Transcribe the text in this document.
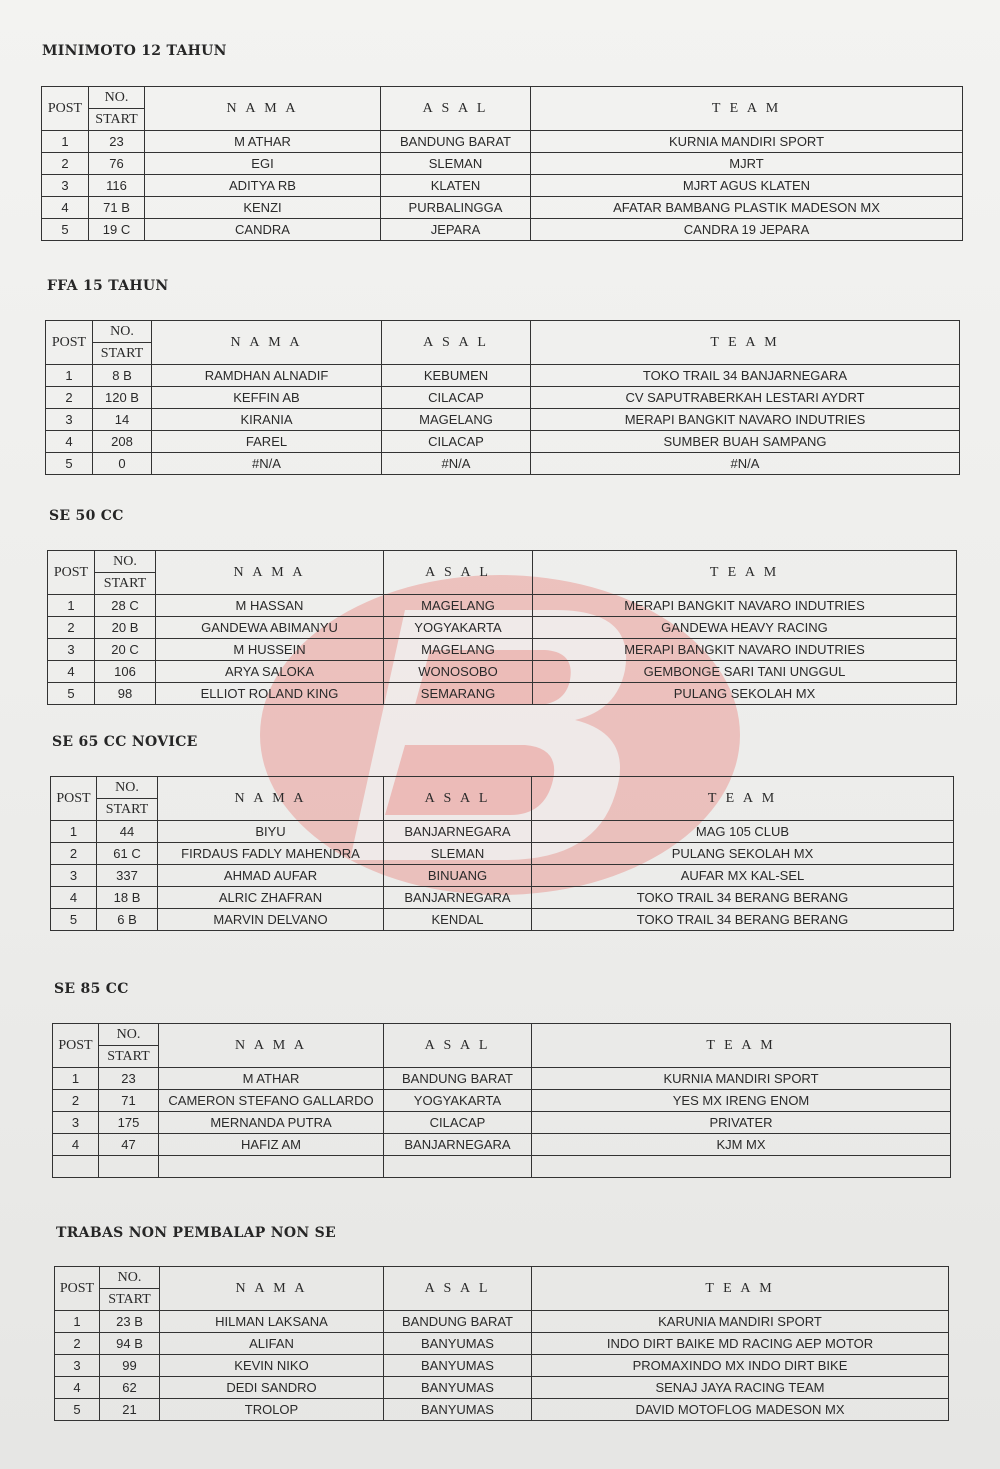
MINIMOTO 12 TAHUN
POST	NO.	N A M A	A S A L	T E A M
	START			
1	23	M ATHAR	BANDUNG BARAT	KURNIA MANDIRI SPORT
2	76	EGI	SLEMAN	MJRT
3	116	ADITYA RB	KLATEN	MJRT AGUS KLATEN
4	71 B	KENZI	PURBALINGGA	AFATAR BAMBANG PLASTIK MADESON MX
5	19 C	CANDRA	JEPARA	CANDRA 19 JEPARA
FFA 15 TAHUN
POST	NO.	N A M A	A S A L	T E A M
	START			
1	8 B	RAMDHAN ALNADIF	KEBUMEN	TOKO TRAIL 34 BANJARNEGARA
2	120 B	KEFFIN AB	CILACAP	CV SAPUTRABERKAH LESTARI AYDRT
3	14	KIRANIA	MAGELANG	MERAPI BANGKIT NAVARO INDUTRIES
4	208	FAREL	CILACAP	SUMBER BUAH SAMPANG
5	0	#N/A	#N/A	#N/A
SE 50 CC
POST	NO.	N A M A	A S A L	T E A M
	START			
1	28 C	M HASSAN	MAGELANG	MERAPI BANGKIT NAVARO INDUTRIES
2	20 B	GANDEWA ABIMANYU	YOGYAKARTA	GANDEWA HEAVY RACING
3	20 C	M HUSSEIN	MAGELANG	MERAPI BANGKIT NAVARO INDUTRIES
4	106	ARYA SALOKA	WONOSOBO	GEMBONGE SARI TANI UNGGUL
5	98	ELLIOT ROLAND KING	SEMARANG	PULANG SEKOLAH MX
SE 65 CC NOVICE
POST	NO.	N A M A	A S A L	T E A M
	START			
1	44	BIYU	BANJARNEGARA	MAG 105 CLUB
2	61 C	FIRDAUS FADLY MAHENDRA	SLEMAN	PULANG SEKOLAH MX
3	337	AHMAD AUFAR	BINUANG	AUFAR MX KAL-SEL
4	18 B	ALRIC ZHAFRAN	BANJARNEGARA	TOKO TRAIL 34 BERANG BERANG
5	6 B	MARVIN DELVANO	KENDAL	TOKO TRAIL 34 BERANG BERANG
SE 85 CC
POST	NO.	N A M A	A S A L	T E A M
	START			
1	23	M ATHAR	BANDUNG BARAT	KURNIA MANDIRI SPORT
2	71	CAMERON STEFANO GALLARDO	YOGYAKARTA	YES MX IRENG ENOM
3	175	MERNANDA PUTRA	CILACAP	PRIVATER
4	47	HAFIZ AM	BANJARNEGARA	KJM MX

TRABAS NON PEMBALAP NON SE
POST	NO.	N A M A	A S A L	T E A M
	START			
1	23 B	HILMAN LAKSANA	BANDUNG BARAT	KARUNIA MANDIRI SPORT
2	94 B	ALIFAN	BANYUMAS	INDO DIRT BAIKE MD RACING AEP MOTOR
3	99	KEVIN NIKO	BANYUMAS	PROMAXINDO MX INDO DIRT BIKE
4	62	DEDI SANDRO	BANYUMAS	SENAJ JAYA RACING TEAM
5	21	TROLOP	BANYUMAS	DAVID MOTOFLOG MADESON MX
